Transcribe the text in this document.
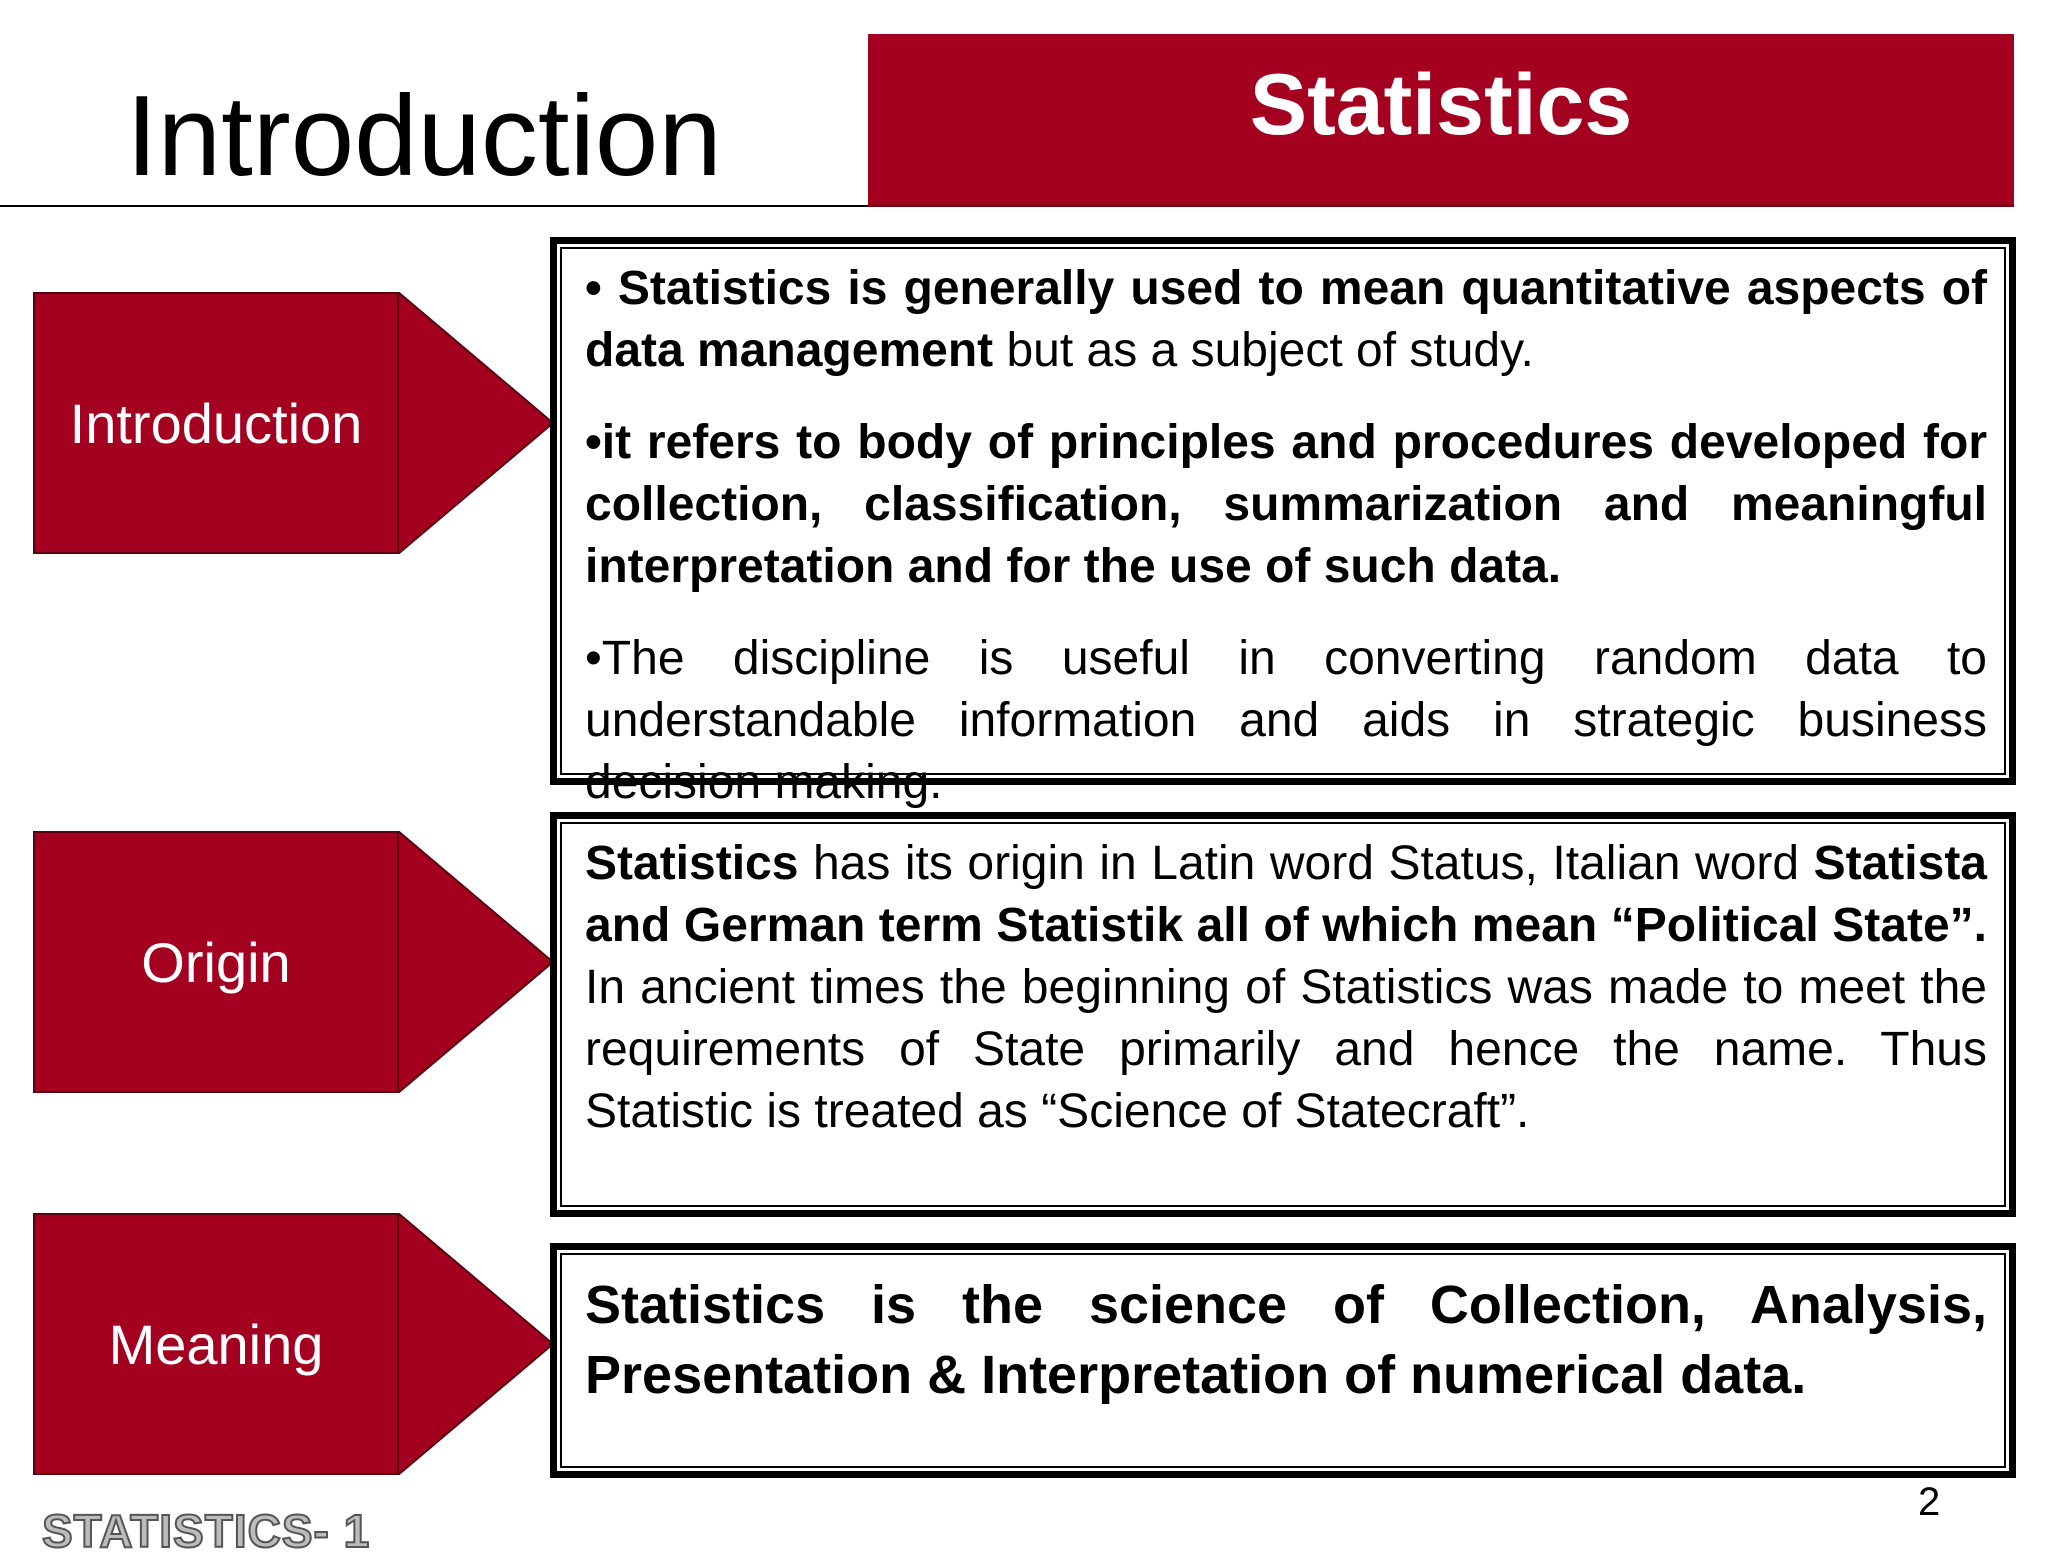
Introduction	Statistics
Introduction

• Statistics is generally used to mean quantitative aspects of data management but as a subject of study.

•it refers to body of principles and procedures developed for collection, classification, summarization and meaningful interpretation and for the use of such data.

•The discipline is useful in converting random data to understandable information and aids in strategic business decision making.

Origin

Statistics has its origin in Latin word Status, Italian word Statista and German term Statistik all of which mean “Political State”. In ancient times the beginning of Statistics was made to meet the requirements of State primarily and hence the name. Thus Statistic is treated as “Science of Statecraft”.

Meaning
Statistics is the science of Collection, Analysis, Presentation & Interpretation of numerical data.
STATISTICS- 1
2
